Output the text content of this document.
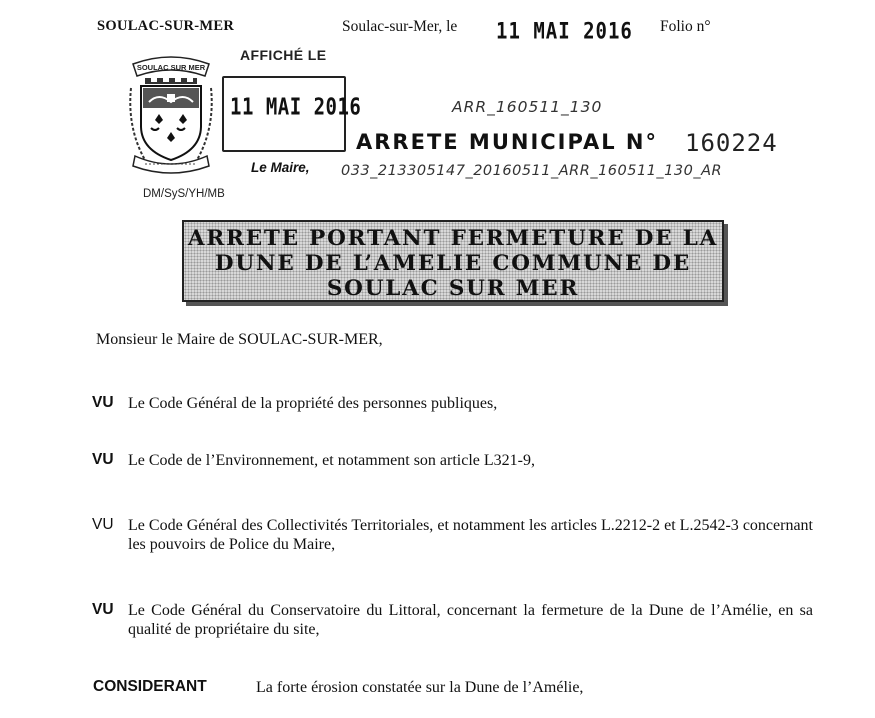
SOULAC-SUR-MER	Soulac-sur-Mer, le 11 MAI 2016 Folio n°
SOULAC SUR MER
AFFICHÉ LE
11 MAI 2016
Le Maire,
DM/SyS/YH/MB
ARR_160511_130
ARRETE MUNICIPAL N° 160224
033_213305147_20160511_ARR_160511_130_AR
ARRETE PORTANT FERMETURE DE LA
DUNE DE L’AMELIE COMMUNE DE
SOULAC SUR MER
Monsieur le Maire de SOULAC-SUR-MER,
VU Le Code Général de la propriété des personnes publiques,
VU Le Code de l’Environnement, et notamment son article L321-9,
VU Le Code Général des Collectivités Territoriales, et notamment les articles L.2212-2 et L.2542-3 concernant les pouvoirs de Police du Maire,
VU Le Code Général du Conservatoire du Littoral, concernant la fermeture de la Dune de l’Amélie, en sa qualité de propriétaire du site,
CONSIDERANT	La forte érosion constatée sur la Dune de l’Amélie,
